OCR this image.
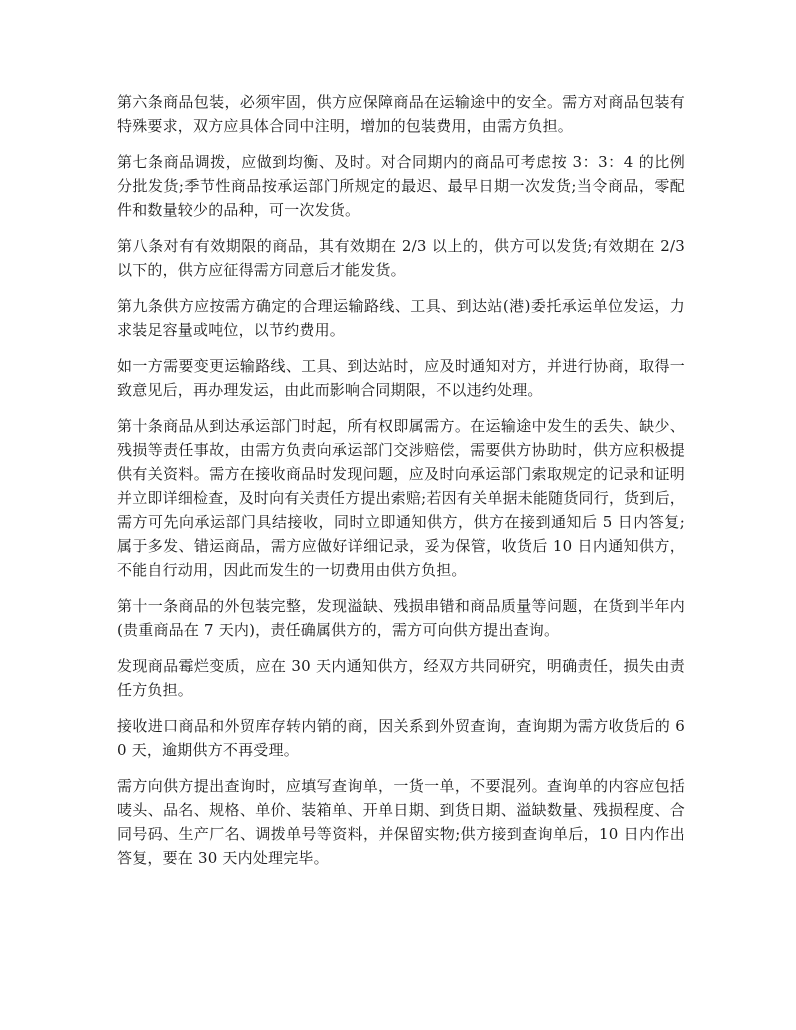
第六条商品包装，必须牢固，供方应保障商品在运输途中的安全。需方对商品包装有特殊要求，双方应具体合同中注明，增加的包装费用，由需方负担。

第七条商品调拨，应做到均衡、及时。对合同期内的商品可考虑按 3：3：4 的比例分批发货;季节性商品按承运部门所规定的最迟、最早日期一次发货;当令商品，零配件和数量较少的品种，可一次发货。

第八条对有有效期限的商品，其有效期在 2/3 以上的，供方可以发货;有效期在 2/3 以下的，供方应征得需方同意后才能发货。

第九条供方应按需方确定的合理运输路线、工具、到达站(港)委托承运单位发运，力求装足容量或吨位，以节约费用。

如一方需要变更运输路线、工具、到达站时，应及时通知对方，并进行协商，取得一致意见后，再办理发运，由此而影响合同期限，不以违约处理。

第十条商品从到达承运部门时起，所有权即属需方。在运输途中发生的丢失、缺少、残损等责任事故，由需方负责向承运部门交涉赔偿，需要供方协助时，供方应积极提供有关资料。需方在接收商品时发现问题，应及时向承运部门索取规定的记录和证明并立即详细检查，及时向有关责任方提出索赔;若因有关单据未能随货同行，货到后，需方可先向承运部门具结接收，同时立即通知供方，供方在接到通知后 5 日内答复;属于多发、错运商品，需方应做好详细记录，妥为保管，收货后 10 日内通知供方，不能自行动用，因此而发生的一切费用由供方负担。

第十一条商品的外包装完整，发现溢缺、残损串错和商品质量等问题，在货到半年内(贵重商品在 7 天内)，责任确属供方的，需方可向供方提出查询。

发现商品霉烂变质，应在 30 天内通知供方，经双方共同研究，明确责任，损失由责任方负担。

接收进口商品和外贸库存转内销的商，因关系到外贸查询，查询期为需方收货后的 60 天，逾期供方不再受理。

需方向供方提出查询时，应填写查询单，一货一单，不要混列。查询单的内容应包括唛头、品名、规格、单价、装箱单、开单日期、到货日期、溢缺数量、残损程度、合同号码、生产厂名、调拨单号等资料，并保留实物;供方接到查询单后，10 日内作出答复，要在 30 天内处理完毕。
